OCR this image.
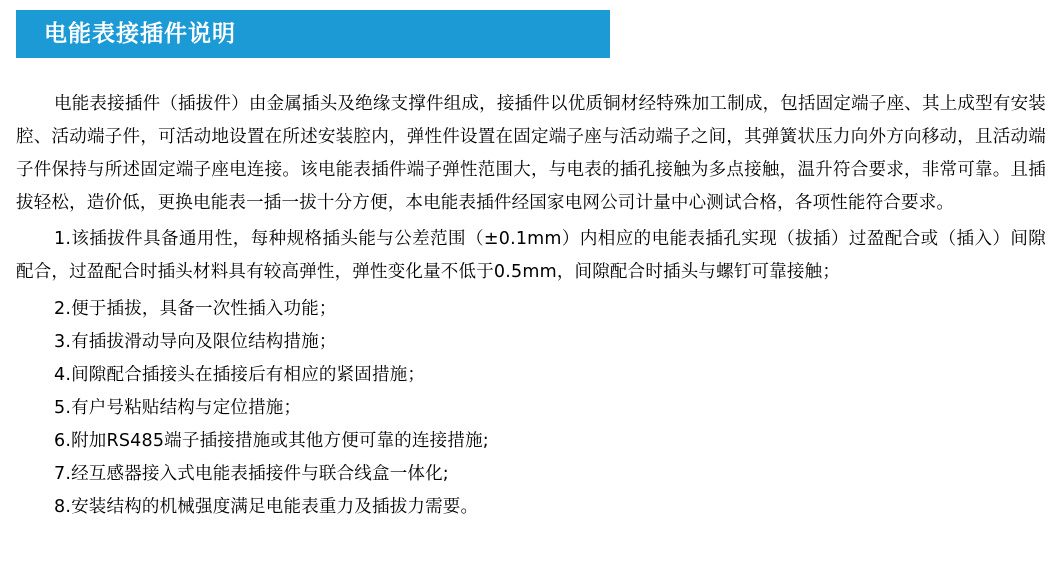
电能表接插件说明

电能表接插件（插拔件）由金属插头及绝缘支撑件组成，接插件以优质铜材经特殊加工制成，包括固定端子座、其上成型有安装腔、活动端子件，可活动地设置在所述安装腔内，弹性件设置在固定端子座与活动端子之间，其弹簧状压力向外方向移动，且活动端子件保持与所述固定端子座电连接。该电能表插件端子弹性范围大，与电表的插孔接触为多点接触，温升符合要求，非常可靠。且插拔轻松，造价低，更换电能表一插一拔十分方便，本电能表插件经国家电网公司计量中心测试合格，各项性能符合要求。

1.该插拔件具备通用性，每种规格插头能与公差范围（±0.1mm）内相应的电能表插孔实现（拔插）过盈配合或（插入）间隙配合，过盈配合时插头材料具有较高弹性，弹性变化量不低于0.5mm，间隙配合时插头与螺钉可靠接触；

2.便于插拔，具备一次性插入功能；

3.有插拔滑动导向及限位结构措施；

4.间隙配合插接头在插接后有相应的紧固措施；

5.有户号粘贴结构与定位措施；

6.附加RS485端子插接措施或其他方便可靠的连接措施;

7.经互感器接入式电能表插接件与联合线盒一体化;

8.安装结构的机械强度满足电能表重力及插拔力需要。
